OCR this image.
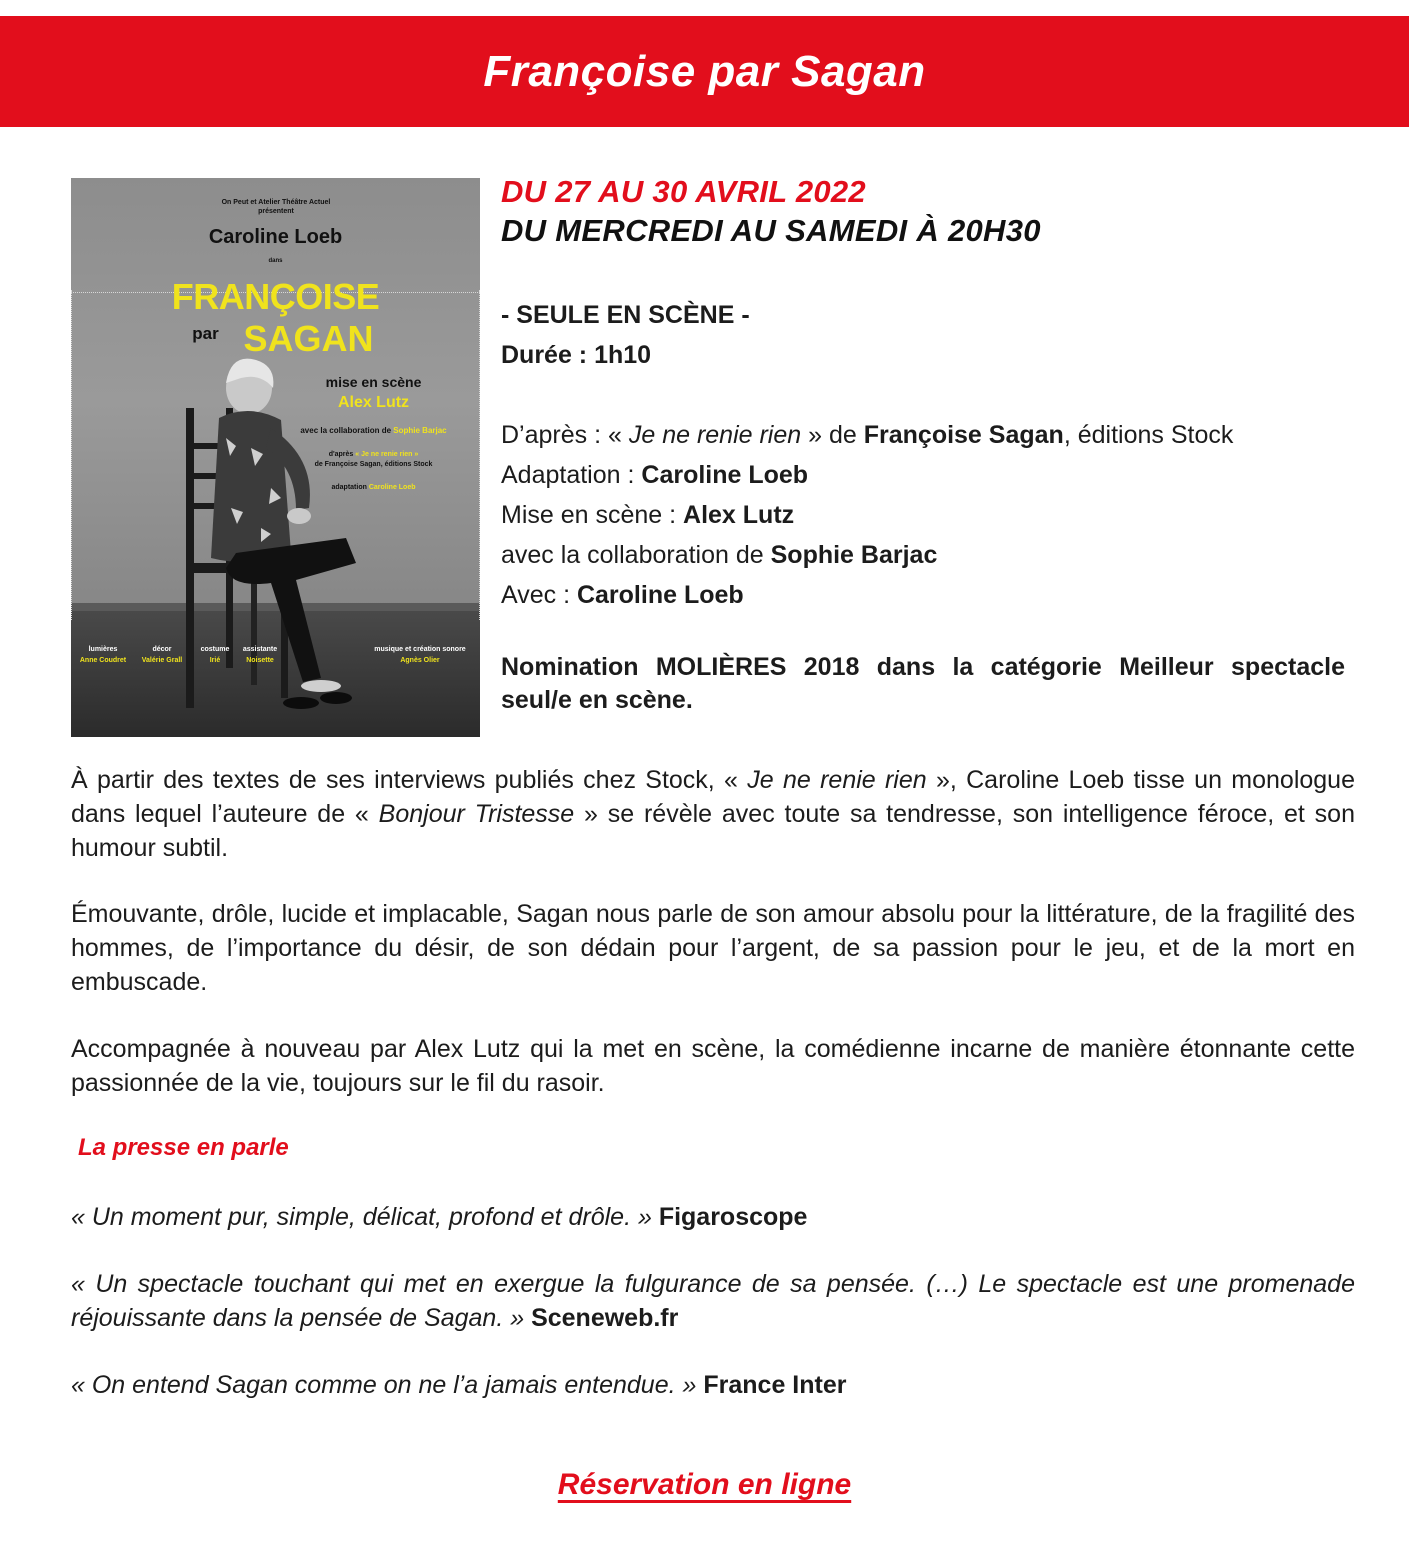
Françoise par Sagan

On Peut et Atelier Théâtre Actuel présentent

Caroline Loeb

dans

FRANÇOISE

par SAGAN

mise en scène

Alex Lutz

avec la collaboration de Sophie Barjac

d'après « Je ne renie rien »
de Françoise Sagan, éditions Stock

adaptation Caroline Loeb

lumières
Anne Coudret
décor
Valérie Grall
costume
Irié
assistante
Noisette
musique et création sonore
Agnès Olier

DU 27 AU 30 AVRIL 2022

DU MERCREDI AU SAMEDI À 20H30

- SEULE EN SCÈNE -

Durée : 1h10

D’après : « Je ne renie rien » de Françoise Sagan, éditions Stock

Adaptation : Caroline Loeb

Mise en scène : Alex Lutz

avec la collaboration de Sophie Barjac

Avec : Caroline Loeb

Nomination MOLIÈRES 2018 dans la catégorie Meilleur spectacle seul/e en scène.

À partir des textes de ses interviews publiés chez Stock, « Je ne renie rien », Caroline Loeb tisse un monologue dans lequel l’auteure de « Bonjour Tristesse » se révèle avec toute sa tendresse, son intelligence féroce, et son humour subtil.

Émouvante, drôle, lucide et implacable, Sagan nous parle de son amour absolu pour la littérature, de la fragilité des hommes, de l’importance du désir, de son dédain pour l’argent, de sa passion pour le jeu, et de la mort en embuscade.

Accompagnée à nouveau par Alex Lutz qui la met en scène, la comédienne incarne de manière étonnante cette passionnée de la vie, toujours sur le fil du rasoir.

La presse en parle

« Un moment pur, simple, délicat, profond et drôle. » Figaroscope

« Un spectacle touchant qui met en exergue la fulgurance de sa pensée. (…) Le spectacle est une promenade réjouissante dans la pensée de Sagan. » Sceneweb.fr

« On entend Sagan comme on ne l’a jamais entendue. » France Inter

Réservation en ligne
